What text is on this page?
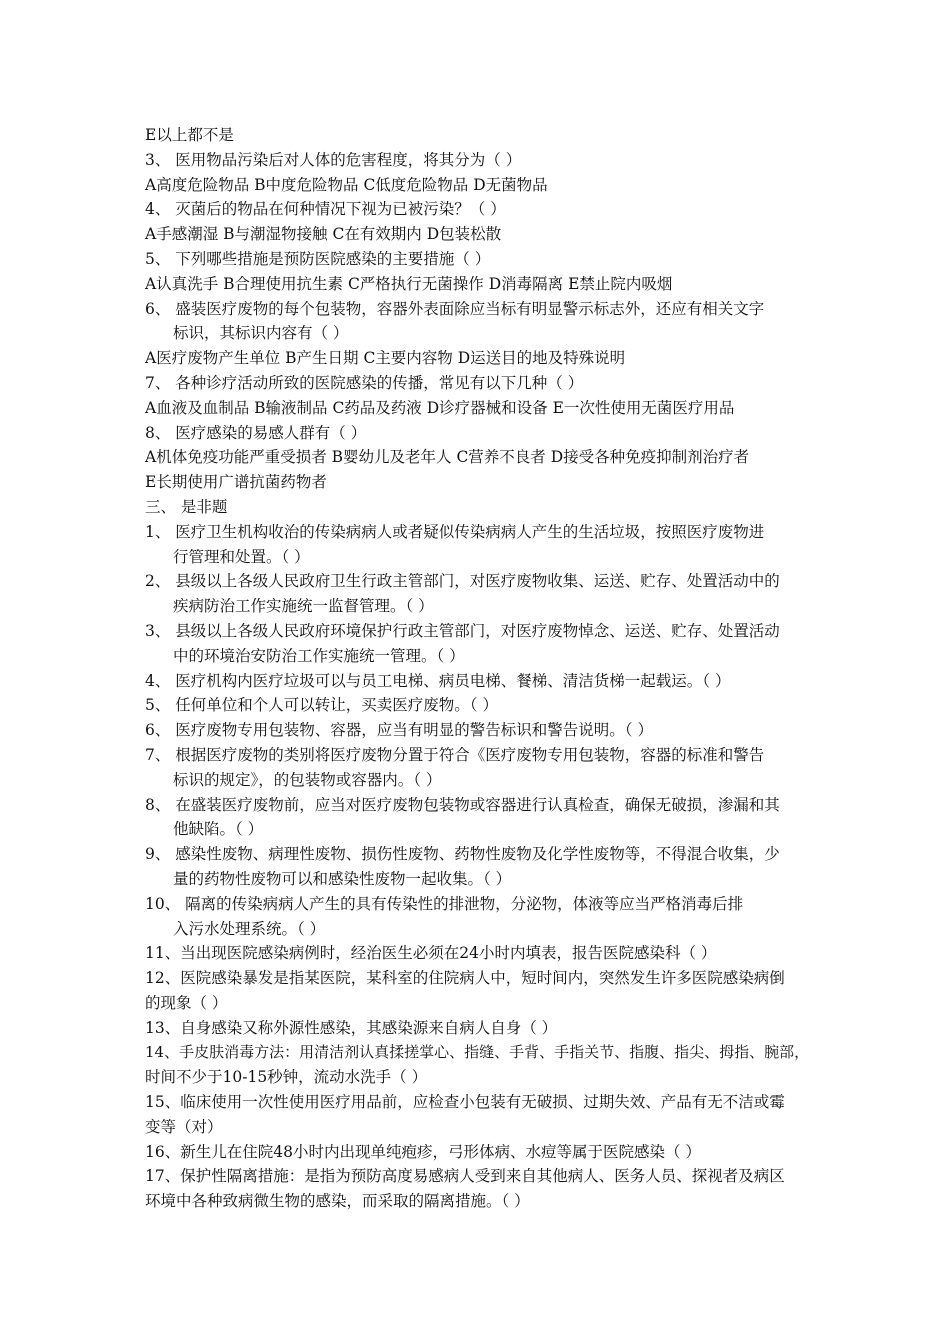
E以上都不是
3、 医用物品污染后对人体的危害程度，将其分为（ ）
A高度危险物品 B中度危险物品 C低度危险物品 D无菌物品
4、 灭菌后的物品在何种情况下视为已被污染？（ ）
A手感潮湿 B与潮湿物接触 C在有效期内 D包装松散
5、 下列哪些措施是预防医院感染的主要措施（ ）
A认真洗手 B合理使用抗生素 C严格执行无菌操作 D消毒隔离 E禁止院内吸烟
6、 盛装医疗废物的每个包装物，容器外表面除应当标有明显警示标志外，还应有相关文字
标识，其标识内容有（ ）
A医疗废物产生单位 B产生日期 C主要内容物 D运送目的地及特殊说明
7、 各种诊疗活动所致的医院感染的传播，常见有以下几种（ ）
A血液及血制品 B输液制品 C药品及药液 D诊疗器械和设备 E一次性使用无菌医疗用品
8、 医疗感染的易感人群有（ ）
A机体免疫功能严重受损者 B婴幼儿及老年人 C营养不良者 D接受各种免疫抑制剂治疗者
E长期使用广谱抗菌药物者
三、 是非题
1、 医疗卫生机构收治的传染病病人或者疑似传染病病人产生的生活垃圾，按照医疗废物进
行管理和处置。（ ）
2、 县级以上各级人民政府卫生行政主管部门，对医疗废物收集、运送、贮存、处置活动中的
疾病防治工作实施统一监督管理。（ ）
3、 县级以上各级人民政府环境保护行政主管部门，对医疗废物悼念、运送、贮存、处置活动
中的环境治安防治工作实施统一管理。（ ）
4、 医疗机构内医疗垃圾可以与员工电梯、病员电梯、餐梯、清洁货梯一起载运。（ ）
5、 任何单位和个人可以转让，买卖医疗废物。（ ）
6、 医疗废物专用包装物、容器，应当有明显的警告标识和警告说明。（ ）
7、 根据医疗废物的类别将医疗废物分置于符合《医疗废物专用包装物，容器的标准和警告
标识的规定》，的包装物或容器内。（ ）
8、 在盛装医疗废物前，应当对医疗废物包装物或容器进行认真检查，确保无破损，渗漏和其
他缺陷。（ ）
9、 感染性废物、病理性废物、损伤性废物、药物性废物及化学性废物等，不得混合收集，少
量的药物性废物可以和感染性废物一起收集。（ ）
10、 隔离的传染病病人产生的具有传染性的排泄物，分泌物，体液等应当严格消毒后排
入污水处理系统。（ ）
11、当出现医院感染病例时，经治医生必须在24小时内填表，报告医院感染科（ ）
12、医院感染暴发是指某医院，某科室的住院病人中，短时间内，突然发生许多医院感染病倒
的现象（ ）
13、自身感染又称外源性感染，其感染源来自病人自身（ ）
14、手皮肤消毒方法：用清洁剂认真揉搓掌心、指缝、手背、手指关节、指腹、指尖、拇指、腕部，
时间不少于10-15秒钟，流动水洗手（ ）
15、临床使用一次性使用医疗用品前，应检查小包装有无破损、过期失效、产品有无不洁或霉
变等（对）
16、新生儿在住院48小时内出现单纯疱疹，弓形体病、水痘等属于医院感染（ ）
17、保护性隔离措施：是指为预防高度易感病人受到来自其他病人、医务人员、探视者及病区
环境中各种致病微生物的感染，而采取的隔离措施。（ ）
